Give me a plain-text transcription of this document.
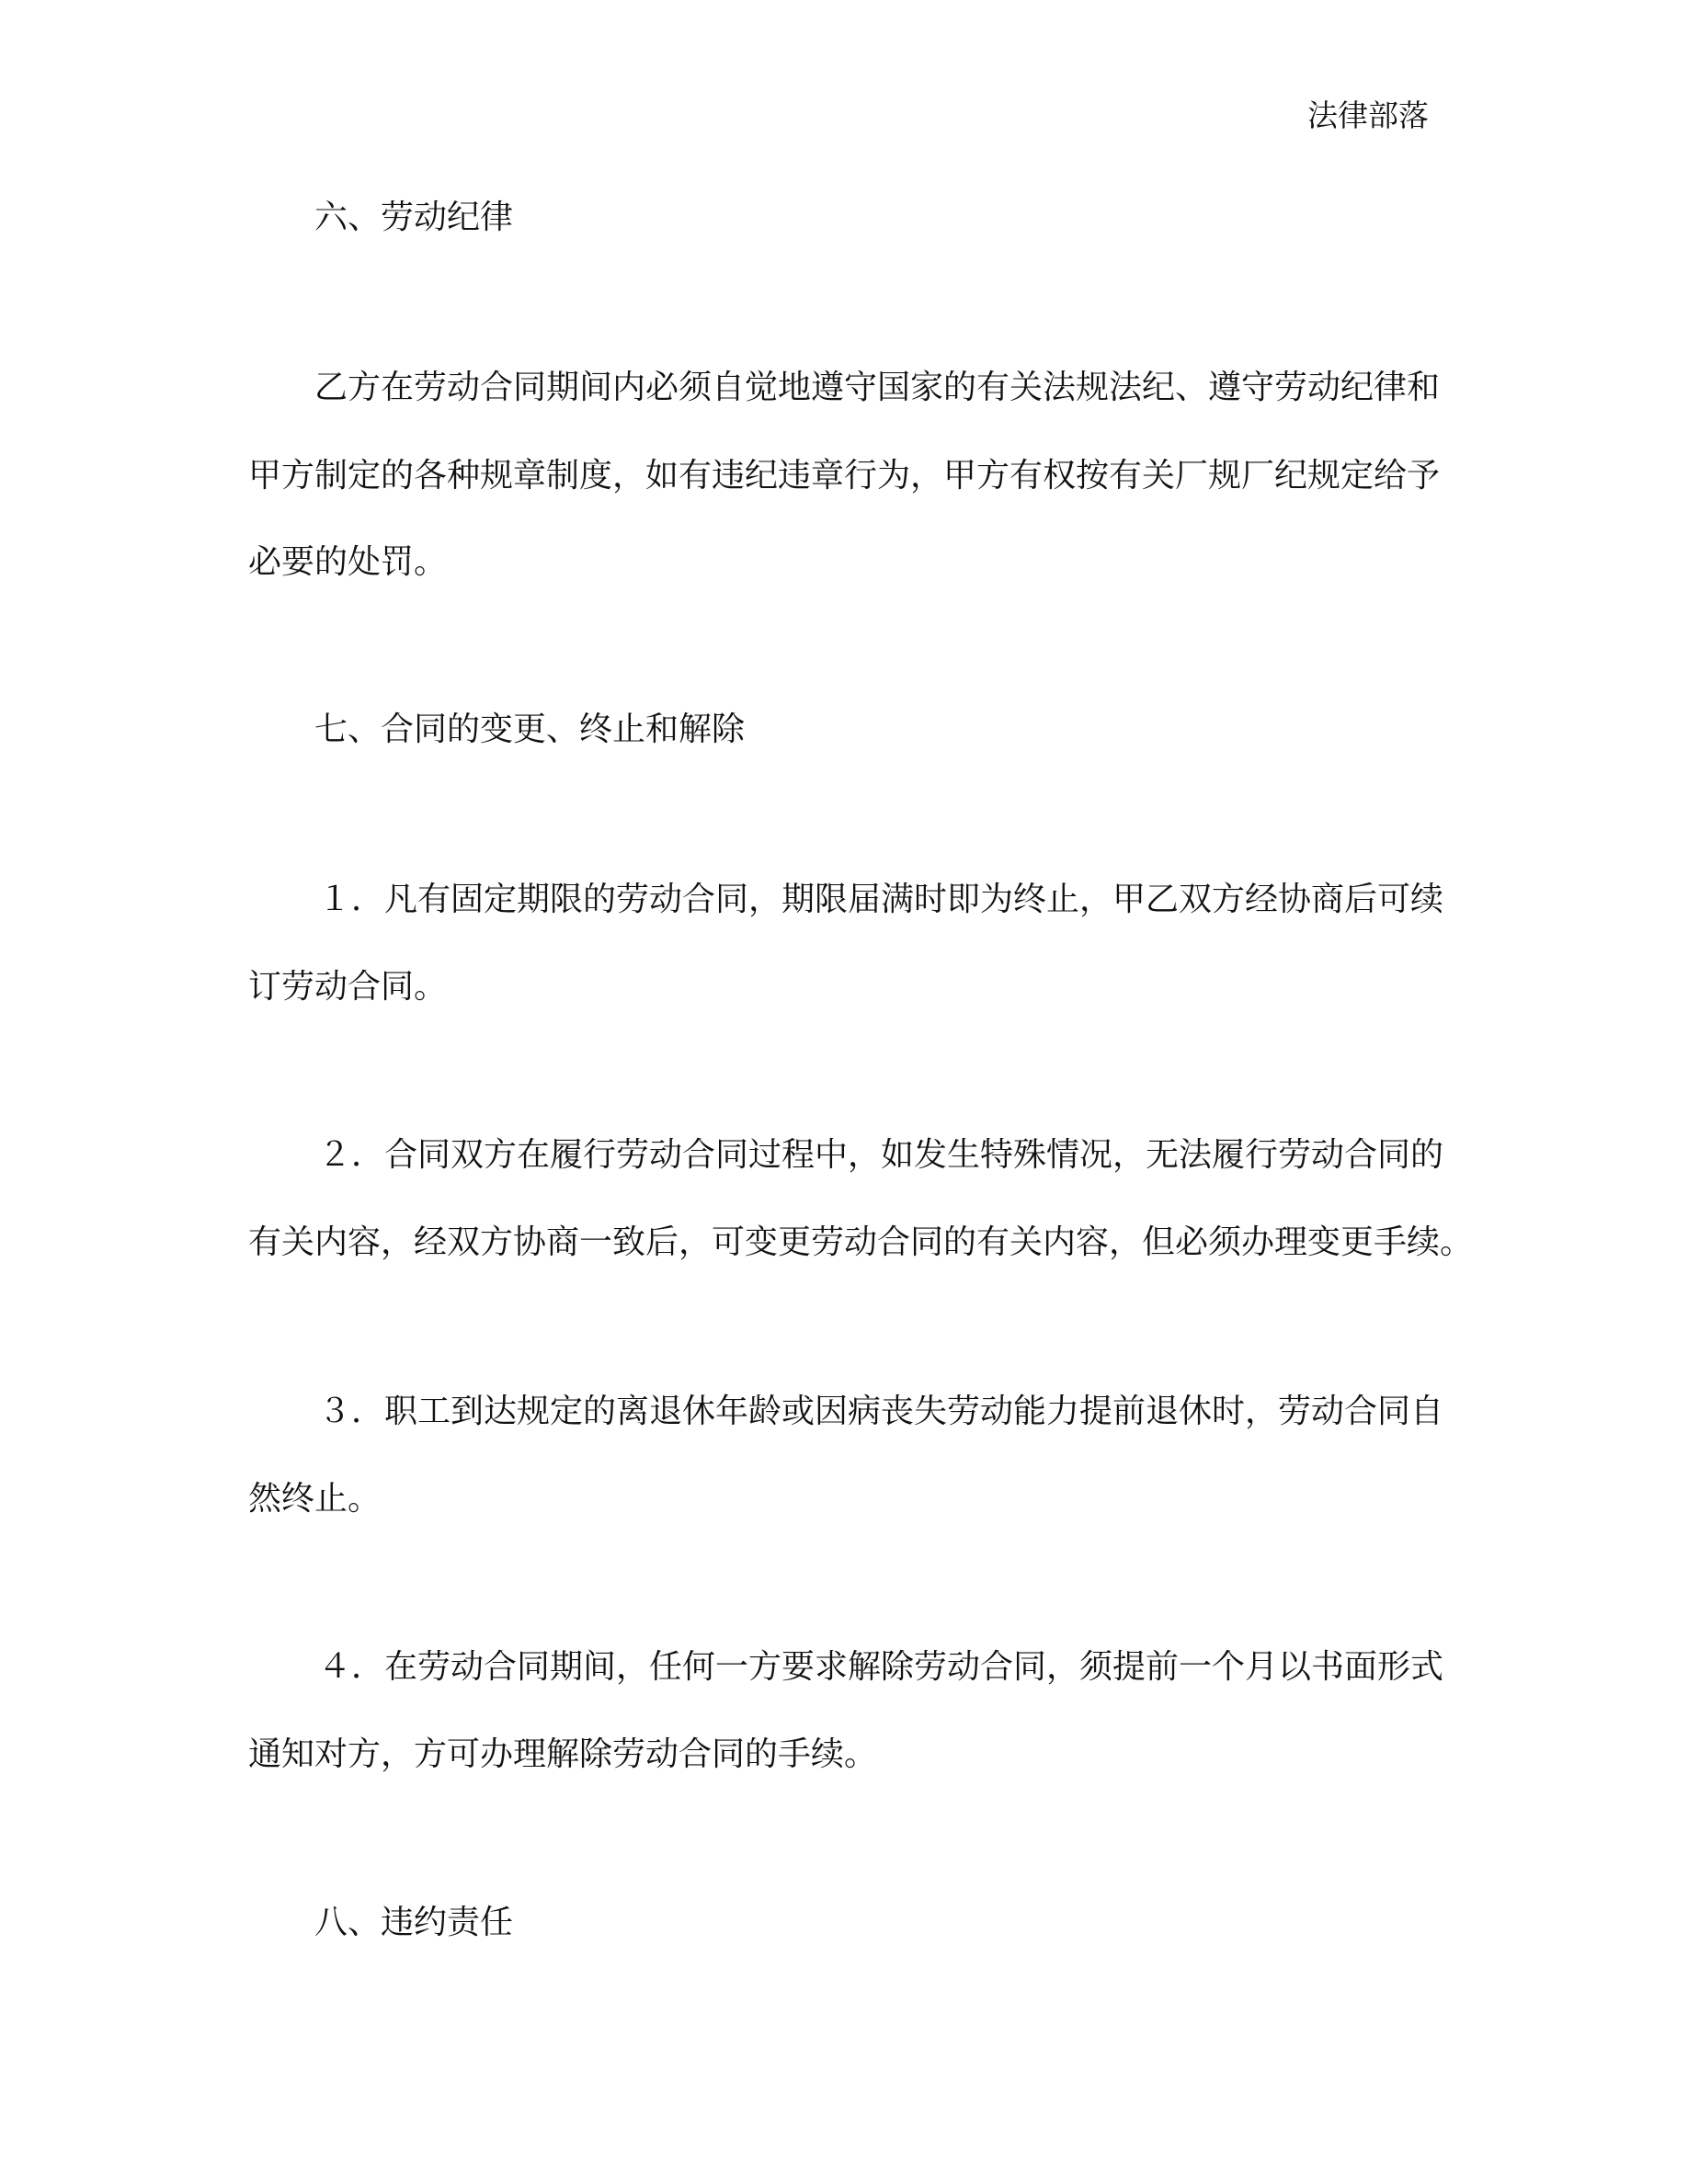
法律部落
六、劳动纪律
乙方在劳动合同期间内必须自觉地遵守国家的有关法规法纪、遵守劳动纪律和
甲方制定的各种规章制度，如有违纪违章行为，甲方有权按有关厂规厂纪规定给予
必要的处罚。
七、合同的变更、终止和解除
１．凡有固定期限的劳动合同，期限届满时即为终止，甲乙双方经协商后可续
订劳动合同。
２．合同双方在履行劳动合同过程中，如发生特殊情况，无法履行劳动合同的
有关内容，经双方协商一致后，可变更劳动合同的有关内容，但必须办理变更手续。
３．职工到达规定的离退休年龄或因病丧失劳动能力提前退休时，劳动合同自
然终止。
４．在劳动合同期间，任何一方要求解除劳动合同，须提前一个月以书面形式
通知对方，方可办理解除劳动合同的手续。
八、违约责任
